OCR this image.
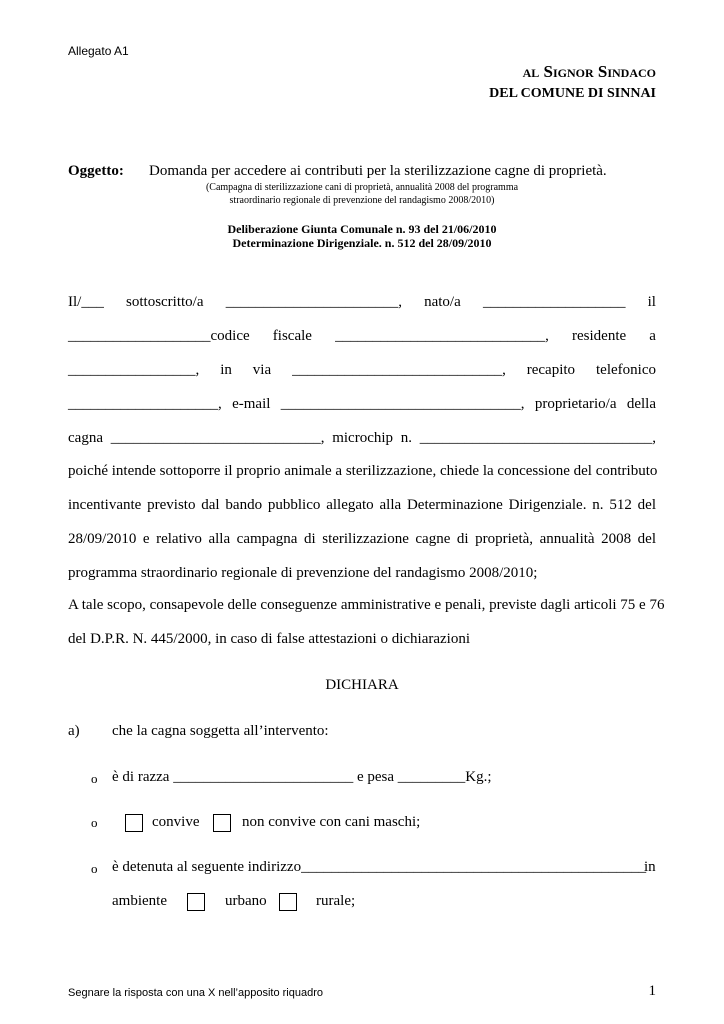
Allegato A1
al Signor Sindaco
DEL COMUNE DI SINNAI
Oggetto: Domanda per accedere ai contributi per la sterilizzazione cagne di proprietà.
(Campagna di sterilizzazione cani di proprietà, annualità 2008 del programma
straordinario regionale di prevenzione del randagismo 2008/2010)
Deliberazione Giunta Comunale n. 93 del 21/06/2010
Determinazione Dirigenziale. n. 512 del 28/09/2010
Il/___ sottoscritto/a _______________________, nato/a ___________________ il
___________________codice fiscale ____________________________, residente a
_________________, in via ____________________________, recapito telefonico
____________________, e-mail ________________________________, proprietario/a della
cagna ____________________________, microchip n. _______________________________,
poiché intende sottoporre il proprio animale a sterilizzazione, chiede la concessione del contributo
incentivante previsto dal bando pubblico allegato alla Determinazione Dirigenziale. n. 512 del
28/09/2010 e relativo alla campagna di sterilizzazione cagne di proprietà, annualità 2008 del
programma straordinario regionale di prevenzione del randagismo 2008/2010;
A tale scopo, consapevole delle conseguenze amministrative e penali, previste dagli articoli 75 e 76
del D.P.R. N. 445/2000, in caso di false attestazioni o dichiarazioni
DICHIARA
a) che la cagna soggetta all’intervento:
o è di razza ________________________ e pesa _________Kg.;
o	convive	non convive con cani maschi;
o è detenuta al seguente indirizzo______________________________________________
in
ambiente	urbano	rurale;
Segnare la risposta con una X nell’apposito riquadro	1
